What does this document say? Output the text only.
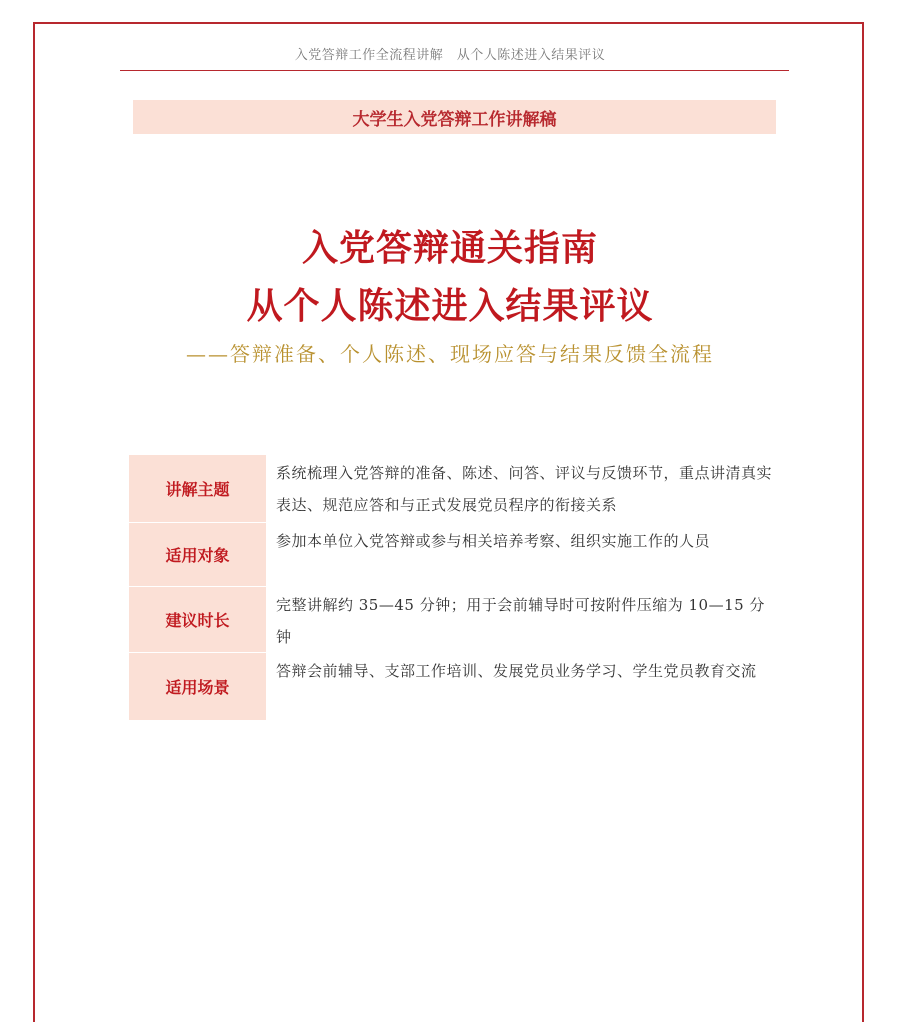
入党答辩工作全流程讲解　从个人陈述进入结果评议
大学生入党答辩工作讲解稿
入党答辩通关指南
从个人陈述进入结果评议
——答辩准备、个人陈述、现场应答与结果反馈全流程
讲解主题
系统梳理入党答辩的准备、陈述、问答、评议与反馈环节，重点讲清真实表达、规范应答和与正式发展党员程序的衔接关系
适用对象
参加本单位入党答辩或参与相关培养考察、组织实施工作的人员
建议时长
完整讲解约 35—45 分钟；用于会前辅导时可按附件压缩为 10—15 分钟
适用场景
答辩会前辅导、支部工作培训、发展党员业务学习、学生党员教育交流
